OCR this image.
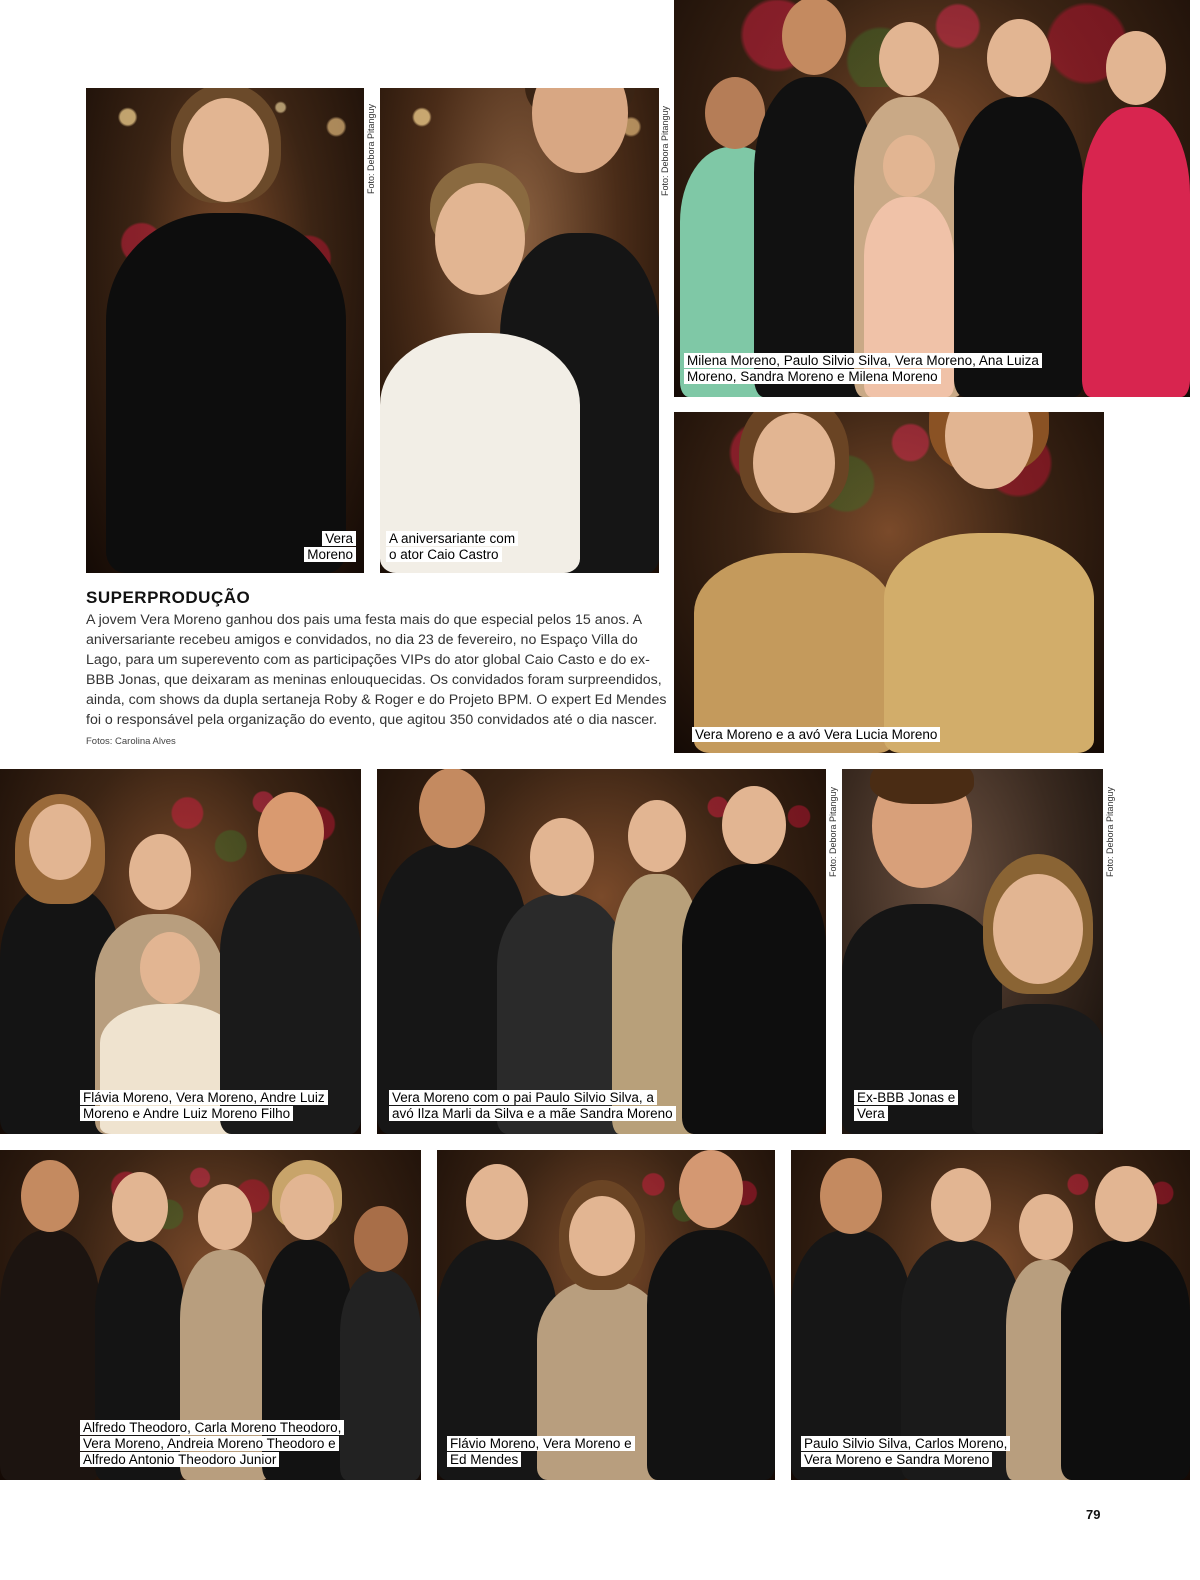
Vera
Moreno

A aniversariante com
o ator Caio Castro

Foto: Debora Pitanguy

Milena Moreno, Paulo Silvio Silva, Vera Moreno, Ana Luiza
Moreno, Sandra Moreno e Milena Moreno

Foto: Debora Pitanguy

Vera Moreno e a avó Vera Lucia Moreno

SUPERPRODUÇÃO

A jovem Vera Moreno ganhou dos pais uma festa mais do que especial pelos 15 anos. A aniversariante recebeu amigos e convidados, no dia 23 de fevereiro, no Espaço Villa do Lago, para um superevento com as participações VIPs do ator global Caio Casto e do ex-BBB Jonas, que deixaram as meninas enlouquecidas. Os convidados foram surpreendidos, ainda, com shows da dupla sertaneja Roby & Roger e do Projeto BPM. O expert Ed Mendes foi o responsável pela organização do evento, que agitou 350 convidados até o dia nascer. Fotos: Carolina Alves

Flávia Moreno, Vera Moreno, Andre Luiz
Moreno e Andre Luiz Moreno Filho

Vera Moreno com o pai Paulo Silvio Silva, a
avó Ilza Marli da Silva e a mãe Sandra Moreno

Foto: Debora Pitanguy

Ex-BBB Jonas e
Vera

Foto: Debora Pitanguy

Alfredo Theodoro, Carla Moreno Theodoro,
Vera Moreno, Andreia Moreno Theodoro e
Alfredo Antonio Theodoro Junior

Flávio Moreno, Vera Moreno e
Ed Mendes

Paulo Silvio Silva, Carlos Moreno,
Vera Moreno e Sandra Moreno

79
